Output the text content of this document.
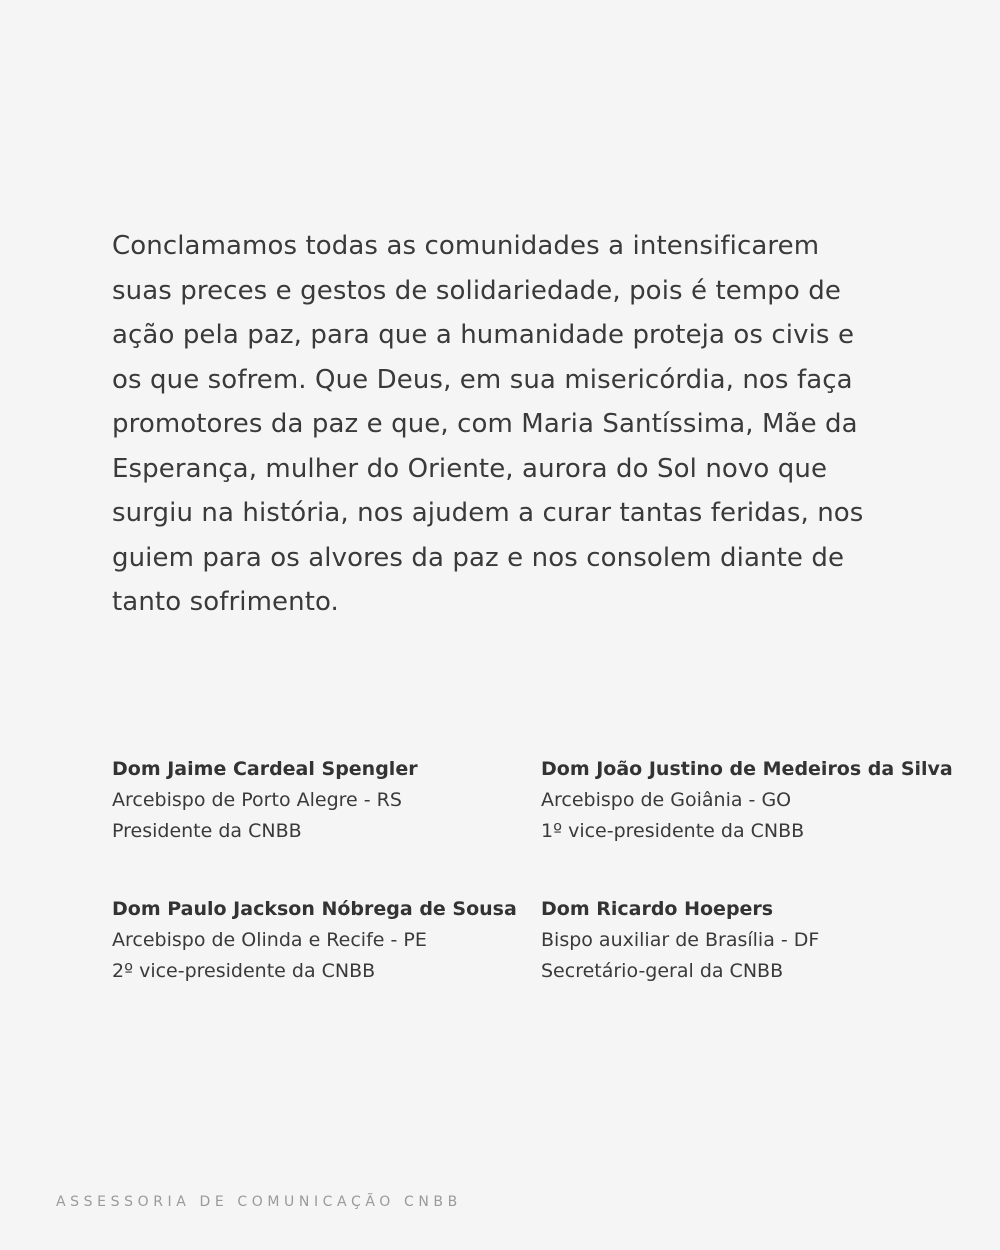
Conclamamos todas as comunidades a intensificarem suas preces e gestos de solidariedade, pois é tempo de ação pela paz, para que a humanidade proteja os civis e os que sofrem. Que Deus, em sua misericórdia, nos faça promotores da paz e que, com Maria Santíssima, Mãe da Esperança, mulher do Oriente, aurora do Sol novo que surgiu na história, nos ajudem a curar tantas feridas, nos guiem para os alvores da paz e nos consolem diante de tanto sofrimento.

Dom Jaime Cardeal Spengler
Arcebispo de Porto Alegre - RS
Presidente da CNBB
Dom João Justino de Medeiros da Silva
Arcebispo de Goiânia - GO
1º vice-presidente da CNBB
Dom Paulo Jackson Nóbrega de Sousa
Arcebispo de Olinda e Recife - PE
2º vice-presidente da CNBB
Dom Ricardo Hoepers
Bispo auxiliar de Brasília - DF
Secretário-geral da CNBB
ASSESSORIA DE COMUNICAÇÃO CNBB
